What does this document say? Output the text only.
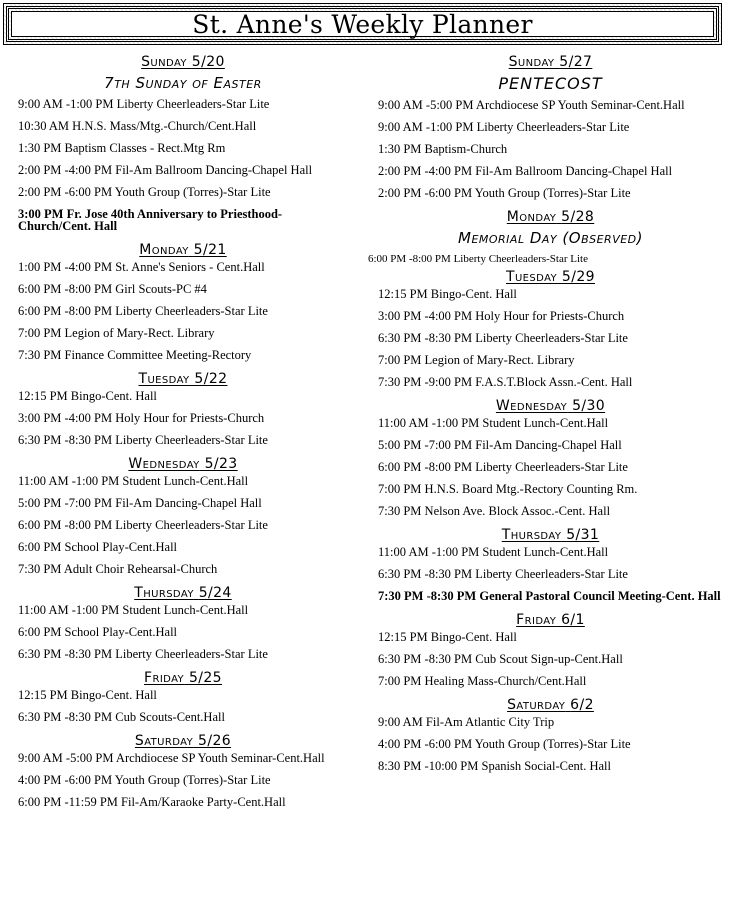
St. Anne's Weekly Planner
Sunday 5/20
7th Sunday of Easter
9:00 AM -1:00 PM Liberty Cheerleaders-Star Lite
10:30 AM H.N.S. Mass/Mtg.-Church/Cent.Hall
1:30 PM Baptism Classes - Rect.Mtg Rm
2:00 PM -4:00 PM Fil-Am Ballroom Dancing-Chapel Hall
2:00 PM -6:00 PM Youth Group (Torres)-Star Lite
3:00 PM Fr. Jose 40th Anniversary to Priesthood-Church/Cent. Hall
Monday 5/21
1:00 PM -4:00 PM St. Anne's Seniors - Cent.Hall
6:00 PM -8:00 PM Girl Scouts-PC #4
6:00 PM -8:00 PM Liberty Cheerleaders-Star Lite
7:00 PM Legion of Mary-Rect. Library
7:30 PM Finance Committee Meeting-Rectory
Tuesday 5/22
12:15 PM Bingo-Cent. Hall
3:00 PM -4:00 PM Holy Hour for Priests-Church
6:30 PM -8:30 PM Liberty Cheerleaders-Star Lite
Wednesday 5/23
11:00 AM -1:00 PM Student Lunch-Cent.Hall
5:00 PM -7:00 PM Fil-Am Dancing-Chapel Hall
6:00 PM -8:00 PM Liberty Cheerleaders-Star Lite
6:00 PM School Play-Cent.Hall
7:30 PM Adult Choir Rehearsal-Church
Thursday 5/24
11:00 AM -1:00 PM Student Lunch-Cent.Hall
6:00 PM School Play-Cent.Hall
6:30 PM -8:30 PM Liberty Cheerleaders-Star Lite
Friday 5/25
12:15 PM Bingo-Cent. Hall
6:30 PM -8:30 PM Cub Scouts-Cent.Hall
Saturday 5/26
9:00 AM -5:00 PM Archdiocese SP Youth Seminar-Cent.Hall
4:00 PM -6:00 PM Youth Group (Torres)-Star Lite
6:00 PM -11:59 PM Fil-Am/Karaoke Party-Cent.Hall
Sunday 5/27
PENTECOST
9:00 AM -5:00 PM Archdiocese SP Youth Seminar-Cent.Hall
9:00 AM -1:00 PM Liberty Cheerleaders-Star Lite
1:30 PM Baptism-Church
2:00 PM -4:00 PM Fil-Am Ballroom Dancing-Chapel Hall
2:00 PM -6:00 PM Youth Group (Torres)-Star Lite
Monday 5/28
Memorial Day (Observed)
6:00 PM -8:00 PM Liberty Cheerleaders-Star Lite
Tuesday 5/29
12:15 PM Bingo-Cent. Hall
3:00 PM -4:00 PM Holy Hour for Priests-Church
6:30 PM -8:30 PM Liberty Cheerleaders-Star Lite
7:00 PM Legion of Mary-Rect. Library
7:30 PM -9:00 PM F.A.S.T.Block Assn.-Cent. Hall
Wednesday 5/30
11:00 AM -1:00 PM Student Lunch-Cent.Hall
5:00 PM -7:00 PM Fil-Am Dancing-Chapel Hall
6:00 PM -8:00 PM Liberty Cheerleaders-Star Lite
7:00 PM H.N.S. Board Mtg.-Rectory Counting Rm.
7:30 PM Nelson Ave. Block Assoc.-Cent. Hall
Thursday 5/31
11:00 AM -1:00 PM Student Lunch-Cent.Hall
6:30 PM -8:30 PM Liberty Cheerleaders-Star Lite
7:30 PM -8:30 PM General Pastoral Council Meeting-Cent. Hall
Friday 6/1
12:15 PM Bingo-Cent. Hall
6:30 PM -8:30 PM Cub Scout Sign-up-Cent.Hall
7:00 PM Healing Mass-Church/Cent.Hall
Saturday 6/2
9:00 AM Fil-Am Atlantic City Trip
4:00 PM -6:00 PM Youth Group (Torres)-Star Lite
8:30 PM -10:00 PM Spanish Social-Cent. Hall
